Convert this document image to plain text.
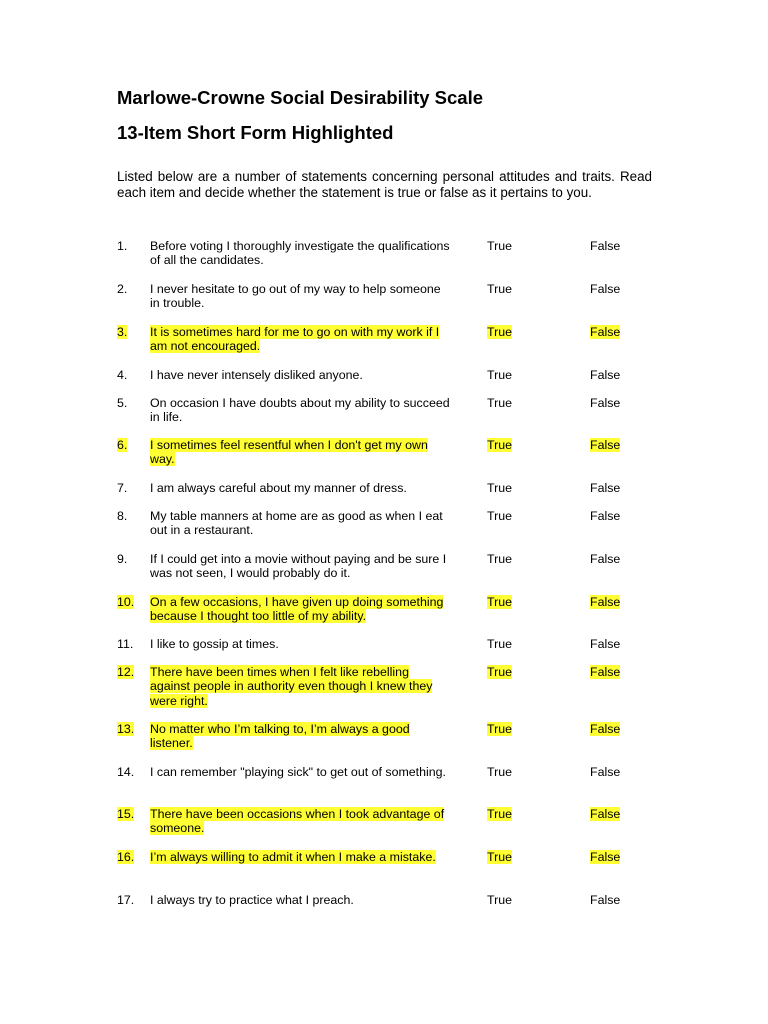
Marlowe-Crowne Social Desirability Scale
13-Item Short Form Highlighted
Listed below are a number of statements concerning personal attitudes and traits. Read each item and decide whether the statement is true or false as it pertains to you.
1. Before voting I thoroughly investigate the qualifications of all the candidates.
True	False
2. I never hesitate to go out of my way to help someone in trouble.
True	False
3. It is sometimes hard for me to go on with my work if I am not encouraged.
True	False
4. I have never intensely disliked anyone.	True	False
5. On occasion I have doubts about my ability to succeed in life.
True	False
6. I sometimes feel resentful when I don't get my own way.
True	False
7. I am always careful about my manner of dress.	True	False
8. My table manners at home are as good as when I eat out in a restaurant.
True	False
9. If I could get into a movie without paying and be sure I was not seen, I would probably do it.
True	False
10. On a few occasions, I have given up doing something because I thought too little of my ability.
True	False
11. I like to gossip at times.	True	False
12. There have been times when I felt like rebelling against people in authority even though I knew they were right.
True	False
13. No matter who I’m talking to, I’m always a good listener.
True	False
14. I can remember "playing sick" to get out of something.	True	False
15. There have been occasions when I took advantage of someone.
True	False
16. I’m always willing to admit it when I make a mistake.	True	False
17. I always try to practice what I preach.	True	False
